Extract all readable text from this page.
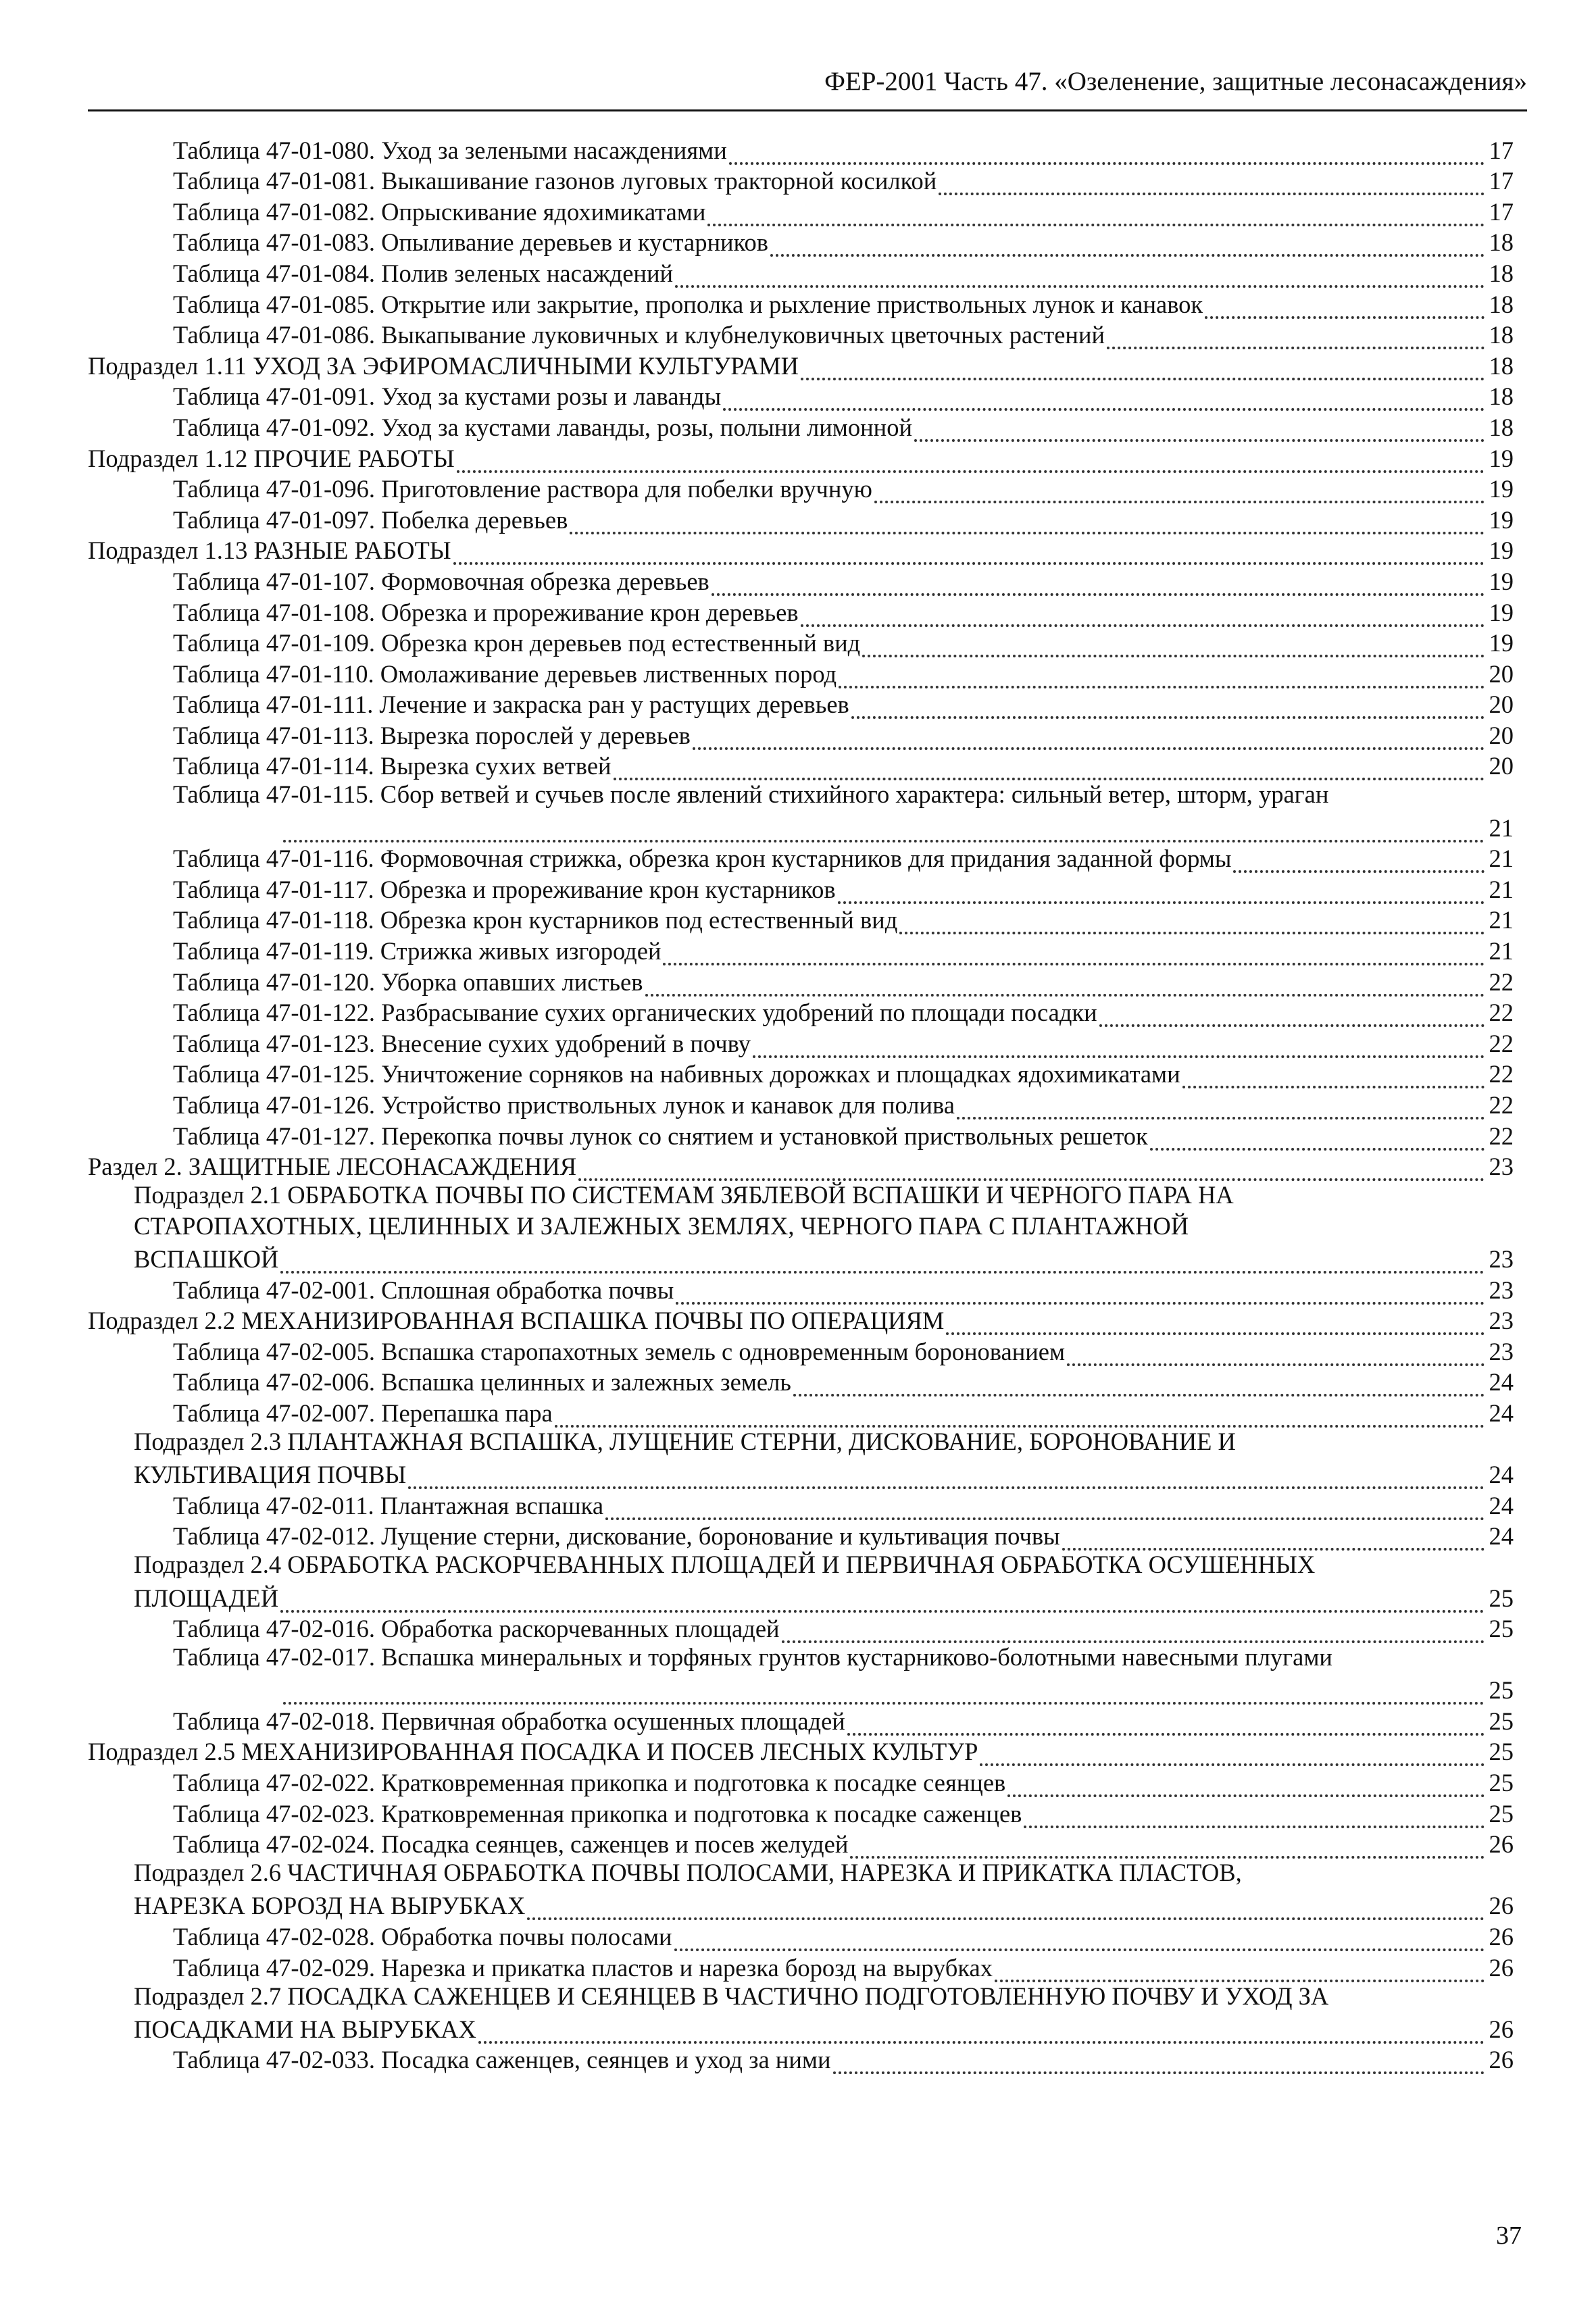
ФЕР-2001 Часть 47. «Озеленение, защитные лесонасаждения»
Таблица 47-01-080. Уход за зелеными насаждениями	17
Таблица 47-01-081. Выкашивание газонов луговых тракторной косилкой	17
Таблица 47-01-082. Опрыскивание ядохимикатами	17
Таблица 47-01-083. Опыливание деревьев и кустарников	18
Таблица 47-01-084. Полив зеленых насаждений	18
Таблица 47-01-085. Открытие или закрытие, прополка и рыхление приствольных лунок и канавок	18
Таблица 47-01-086. Выкапывание луковичных и клубнелуковичных цветочных растений	18
Подраздел 1.11 УХОД ЗА ЭФИРОМАСЛИЧНЫМИ КУЛЬТУРАМИ	18
Таблица 47-01-091. Уход за кустами розы и лаванды	18
Таблица 47-01-092. Уход за кустами лаванды, розы, полыни лимонной	18
Подраздел 1.12 ПРОЧИЕ РАБОТЫ	19
Таблица 47-01-096. Приготовление раствора для побелки вручную	19
Таблица 47-01-097. Побелка деревьев	19
Подраздел 1.13 РАЗНЫЕ РАБОТЫ	19
Таблица 47-01-107. Формовочная обрезка деревьев	19
Таблица 47-01-108. Обрезка и прореживание крон деревьев	19
Таблица 47-01-109. Обрезка крон деревьев под естественный вид	19
Таблица 47-01-110. Омолаживание деревьев лиственных пород	20
Таблица 47-01-111. Лечение и закраска ран у растущих деревьев	20
Таблица 47-01-113. Вырезка порослей у деревьев	20
Таблица 47-01-114. Вырезка сухих ветвей	20
Таблица 47-01-115. Сбор ветвей и сучьев после явлений стихийного характера: сильный ветер, шторм, ураган
21
Таблица 47-01-116. Формовочная стрижка, обрезка крон кустарников для придания заданной формы	21
Таблица 47-01-117. Обрезка и прореживание крон кустарников	21
Таблица 47-01-118. Обрезка крон кустарников под естественный вид	21
Таблица 47-01-119. Стрижка живых изгородей	21
Таблица 47-01-120. Уборка опавших листьев	22
Таблица 47-01-122. Разбрасывание сухих органических удобрений по площади посадки	22
Таблица 47-01-123. Внесение сухих удобрений в почву	22
Таблица 47-01-125. Уничтожение сорняков на набивных дорожках и площадках ядохимикатами	22
Таблица 47-01-126. Устройство приствольных лунок и канавок для полива	22
Таблица 47-01-127. Перекопка почвы лунок со снятием и установкой приствольных решеток	22
Раздел 2. ЗАЩИТНЫЕ ЛЕСОНАСАЖДЕНИЯ	23
Подраздел 2.1 ОБРАБОТКА ПОЧВЫ ПО СИСТЕМАМ ЗЯБЛЕВОЙ ВСПАШКИ И ЧЕРНОГО ПАРА НА
СТАРОПАХОТНЫХ, ЦЕЛИННЫХ И ЗАЛЕЖНЫХ ЗЕМЛЯХ, ЧЕРНОГО ПАРА С ПЛАНТАЖНОЙ
ВСПАШКОЙ	23
Таблица 47-02-001. Сплошная обработка почвы	23
Подраздел 2.2 МЕХАНИЗИРОВАННАЯ ВСПАШКА ПОЧВЫ ПО ОПЕРАЦИЯМ	23
Таблица 47-02-005. Вспашка старопахотных земель с одновременным боронованием	23
Таблица 47-02-006. Вспашка целинных и залежных земель	24
Таблица 47-02-007. Перепашка пара	24
Подраздел 2.3 ПЛАНТАЖНАЯ ВСПАШКА, ЛУЩЕНИЕ СТЕРНИ, ДИСКОВАНИЕ, БОРОНОВАНИЕ И
КУЛЬТИВАЦИЯ ПОЧВЫ	24
Таблица 47-02-011. Плантажная вспашка	24
Таблица 47-02-012. Лущение стерни, дискование, боронование и культивация почвы	24
Подраздел 2.4 ОБРАБОТКА РАСКОРЧЕВАННЫХ ПЛОЩАДЕЙ И ПЕРВИЧНАЯ ОБРАБОТКА ОСУШЕННЫХ
ПЛОЩАДЕЙ	25
Таблица 47-02-016. Обработка раскорчеванных площадей	25
Таблица 47-02-017. Вспашка минеральных и торфяных грунтов кустарниково-болотными навесными плугами
25
Таблица 47-02-018. Первичная обработка осушенных площадей	25
Подраздел 2.5 МЕХАНИЗИРОВАННАЯ ПОСАДКА И ПОСЕВ ЛЕСНЫХ КУЛЬТУР	25
Таблица 47-02-022. Кратковременная прикопка и подготовка к посадке сеянцев	25
Таблица 47-02-023. Кратковременная прикопка и подготовка к посадке саженцев	25
Таблица 47-02-024. Посадка сеянцев, саженцев и посев желудей	26
Подраздел 2.6 ЧАСТИЧНАЯ ОБРАБОТКА ПОЧВЫ ПОЛОСАМИ, НАРЕЗКА И ПРИКАТКА ПЛАСТОВ,
НАРЕЗКА БОРОЗД НА ВЫРУБКАХ	26
Таблица 47-02-028. Обработка почвы полосами	26
Таблица 47-02-029. Нарезка и прикатка пластов и нарезка борозд на вырубках	26
Подраздел 2.7 ПОСАДКА САЖЕНЦЕВ И СЕЯНЦЕВ В ЧАСТИЧНО ПОДГОТОВЛЕННУЮ ПОЧВУ И УХОД ЗА
ПОСАДКАМИ НА ВЫРУБКАХ	26
Таблица 47-02-033. Посадка саженцев, сеянцев и уход за ними	26
37
